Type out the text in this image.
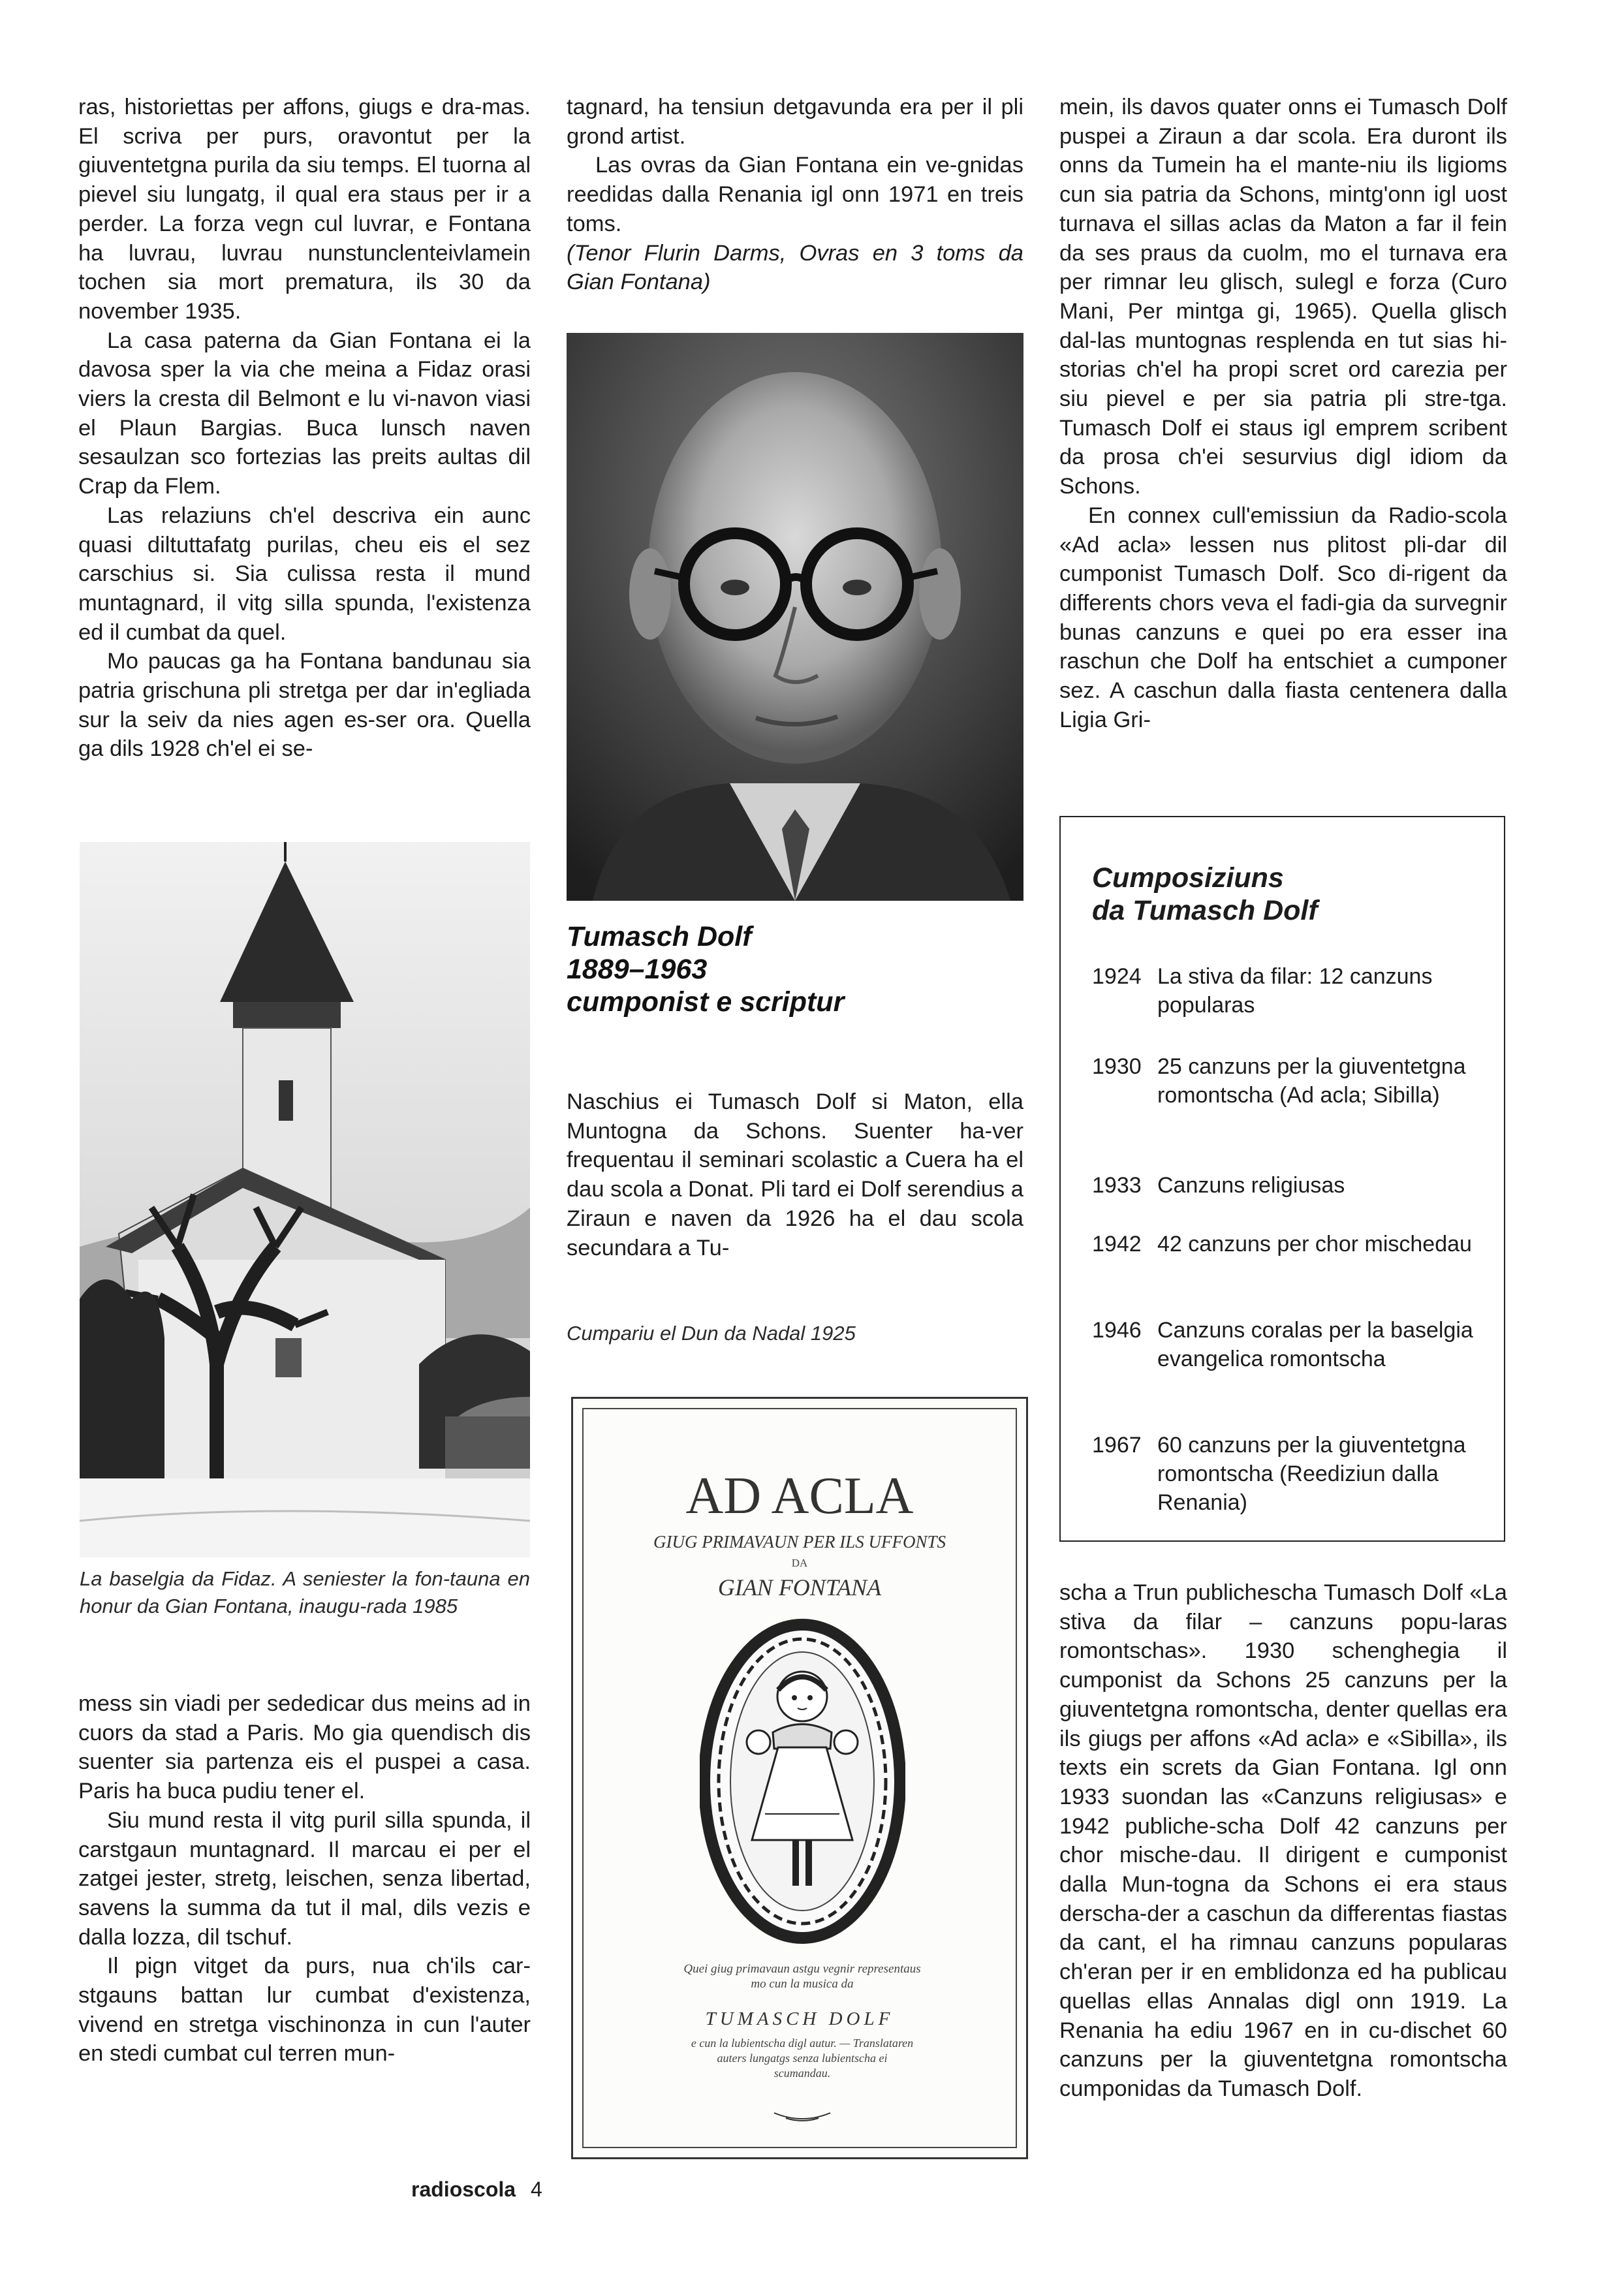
ras, historiettas per affons, giugs e dra-mas. El scriva per purs, oravontut per la giuventetgna purila da siu temps. El tuorna al pievel siu lungatg, il qual era staus per ir a perder. La forza vegn cul luvrar, e Fontana ha luvrau, luvrau nunstunclenteivlamein tochen sia mort prematura, ils 30 da november 1935.

La casa paterna da Gian Fontana ei la davosa sper la via che meina a Fidaz orasi viers la cresta dil Belmont e lu vi-navon viasi el Plaun Bargias. Buca lunsch naven sesaulzan sco fortezias las preits aultas dil Crap da Flem.

Las relaziuns ch'el descriva ein aunc quasi diltuttafatg purilas, cheu eis el sez carschius si. Sia culissa resta il mund muntagnard, il vitg silla spunda, l'existenza ed il cumbat da quel.

Mo paucas ga ha Fontana bandunau sia patria grischuna pli stretga per dar in'egliada sur la seiv da nies agen es-ser ora. Quella ga dils 1928 ch'el ei se-

La baselgia da Fidaz. A seniester la fon-tauna en honur da Gian Fontana, inaugu-rada 1985

mess sin viadi per sededicar dus meins ad in cuors da stad a Paris. Mo gia quendisch dis suenter sia partenza eis el puspei a casa. Paris ha buca pudiu tener el.

Siu mund resta il vitg puril silla spunda, il carstgaun muntagnard. Il marcau ei per el zatgei jester, stretg, leischen, senza libertad, savens la summa da tut il mal, dils vezis e dalla lozza, dil tschuf.

Il pign vitget da purs, nua ch'ils car-stgauns battan lur cumbat d'existenza, vivend en stretga vischinonza in cun l'auter en stedi cumbat cul terren mun-

tagnard, ha tensiun detgavunda era per il pli grond artist.

Las ovras da Gian Fontana ein ve-gnidas reedidas dalla Renania igl onn 1971 en treis toms.

(Tenor Flurin Darms, Ovras en 3 toms da Gian Fontana)

Tumasch Dolf
1889–1963
cumponist e scriptur

Naschius ei Tumasch Dolf si Maton, ella Muntogna da Schons. Suenter ha-ver frequentau il seminari scolastic a Cuera ha el dau scola a Donat. Pli tard ei Dolf serendius a Ziraun e naven da 1926 ha el dau scola secundara a Tu-

Cumpariu el Dun da Nadal 1925
AD ACLA
GIUG PRIMAVAUN PER ILS UFFONTS
DA
GIAN FONTANA
Quei giug primavaun astgu vegnir representaus mo cun la musica da
TUMASCH DOLF
e cun la lubientscha digl autur. — Translataren auters lungatgs senza lubientscha ei scumandau.

mein, ils davos quater onns ei Tumasch Dolf puspei a Ziraun a dar scola. Era duront ils onns da Tumein ha el mante-niu ils ligioms cun sia patria da Schons, mintg'onn igl uost turnava el sillas aclas da Maton a far il fein da ses praus da cuolm, mo el turnava era per rimnar leu glisch, sulegl e forza (Curo Mani, Per mintga gi, 1965). Quella glisch dal-las muntognas resplenda en tut sias hi-storias ch'el ha propi scret ord carezia per siu pievel e per sia patria pli stre-tga. Tumasch Dolf ei staus igl emprem scribent da prosa ch'ei sesurvius digl idiom da Schons.

En connex cull'emissiun da Radio-scola «Ad acla» lessen nus plitost pli-dar dil cumponist Tumasch Dolf. Sco di-rigent da differents chors veva el fadi-gia da survegnir bunas canzuns e quei po era esser ina raschun che Dolf ha entschiet a cumponer sez. A caschun dalla fiasta centenera dalla Ligia Gri-

Cumposiziuns
da Tumasch Dolf
1924 La stiva da filar: 12 canzuns popularas
1930 25 canzuns per la giuventetgna romontscha (Ad acla; Sibilla)
1933 Canzuns religiusas
1942 42 canzuns per chor mischedau
1946 Canzuns coralas per la baselgia evangelica romontscha
1967 60 canzuns per la giuventetgna romontscha (Reediziun dalla Renania)

scha a Trun publichescha Tumasch Dolf «La stiva da filar – canzuns popu-laras romontschas». 1930 schenghegia il cumponist da Schons 25 canzuns per la giuventetgna romontscha, denter quellas era ils giugs per affons «Ad acla» e «Sibilla», ils texts ein screts da Gian Fontana. Igl onn 1933 suondan las «Canzuns religiusas» e 1942 publiche-scha Dolf 42 canzuns per chor mische-dau. Il dirigent e cumponist dalla Mun-togna da Schons ei era staus derscha-der a caschun da differentas fiastas da cant, el ha rimnau canzuns popularas ch'eran per ir en emblidonza ed ha publicau quellas ellas Annalas digl onn 1919. La Renania ha ediu 1967 en in cu-dischet 60 canzuns per la giuventetgna romontscha cumponidas da Tumasch Dolf.

radioscola 4
